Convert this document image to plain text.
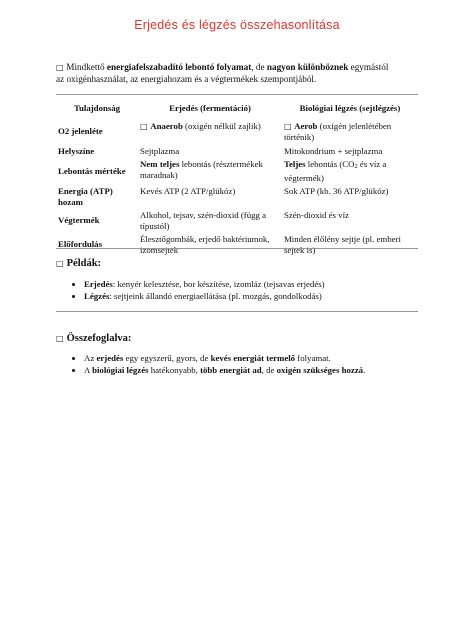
Erjedés és légzés összehasonlítása
□ Mindkettő energiafelszabadító lebontó folyamat, de nagyon különböznek egymástól az oxigénhasználat, az energiahozam és a végtermékek szempontjából.
Tulajdonság	Erjedés (fermentáció)	Biológiai légzés (sejtlégzés)
O2 jelenléte	□ Anaerob (oxigén nélkül zajlik)	□ Aerob (oxigén jelenlétében történik)
Helyszíne	Sejtplazma	Mitokondrium + sejtplazma
Lebontás mértéke	Nem teljes lebontás (résztermékek maradnak)	Teljes lebontás (CO2 és víz a végtermék)
Energia (ATP) hozam	Kevés ATP (2 ATP/glükóz)	Sok ATP (kb. 36 ATP/glükóz)
Végtermék	Alkohol, tejsav, szén-dioxid (függ a típustól)	Szén-dioxid és víz
Előfordulás	Élesztőgombák, erjedő baktériumok, izomsejtek	Minden élőlény sejtje (pl. emberi sejtek is)
□ Példák:
• Erjedés: kenyér kelesztése, bor készítése, izomláz (tejsavas erjedés)
• Légzés: sejtjeink állandó energiaellátása (pl. mozgás, gondolkodás)
□ Összefoglalva:
• Az erjedés egy egyszerű, gyors, de kevés energiát termelő folyamat.
• A biológiai légzés hatékonyabb, több energiát ad, de oxigén szükséges hozzá.
